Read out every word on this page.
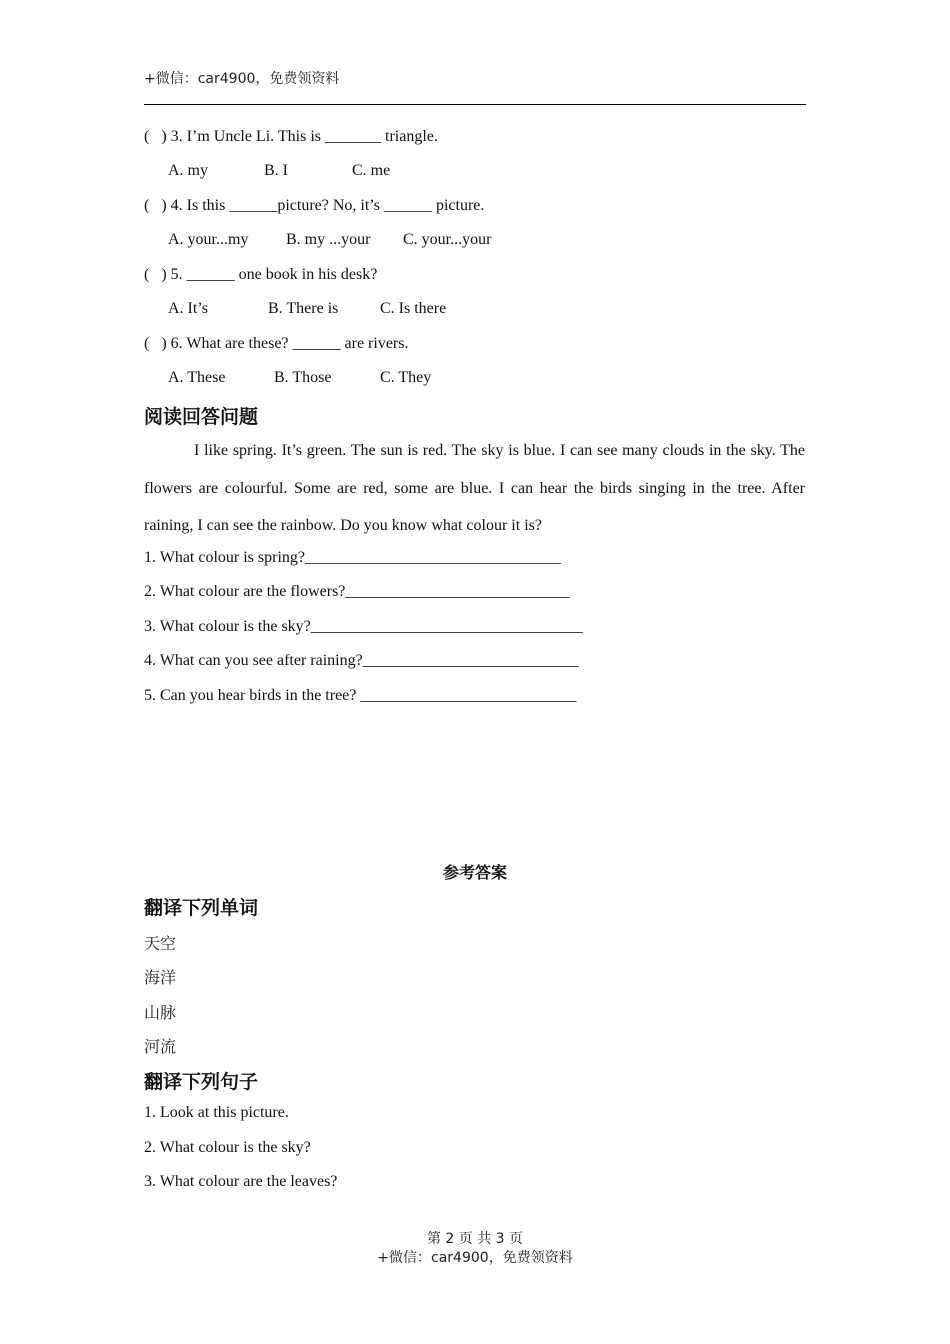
+微信：car4900，免费领资料
(   ) 3. I’m Uncle Li. This is _______ triangle.
A. my	B. I	C. me
(   ) 4. Is this ______picture? No, it’s ______ picture.
A. your...my B. my ...your C. your...your
(   ) 5. ______ one book in his desk?
A. It’s	B. There is	C. Is there
(   ) 6. What are these? ______ are rivers.
A. These	B. Those	C. They
阅读回答问题
I like spring. It’s green. The sun is red. The sky is blue. I can see many clouds in the sky. The flowers are colourful. Some are red, some are blue. I can hear the birds singing in the tree. After raining, I can see the rainbow. Do you know what colour it is?
1. What colour is spring?________________________________
2. What colour are the flowers?____________________________
3. What colour is the sky?__________________________________
4. What can you see after raining?___________________________
5. Can you hear birds in the tree? ___________________________
参考答案
翻译下列单词
天空
海洋
山脉
河流
翻译下列句子
1. Look at this picture.
2. What colour is the sky?
3. What colour are the leaves?
第 2 页 共 3 页
+微信：car4900，免费领资料
